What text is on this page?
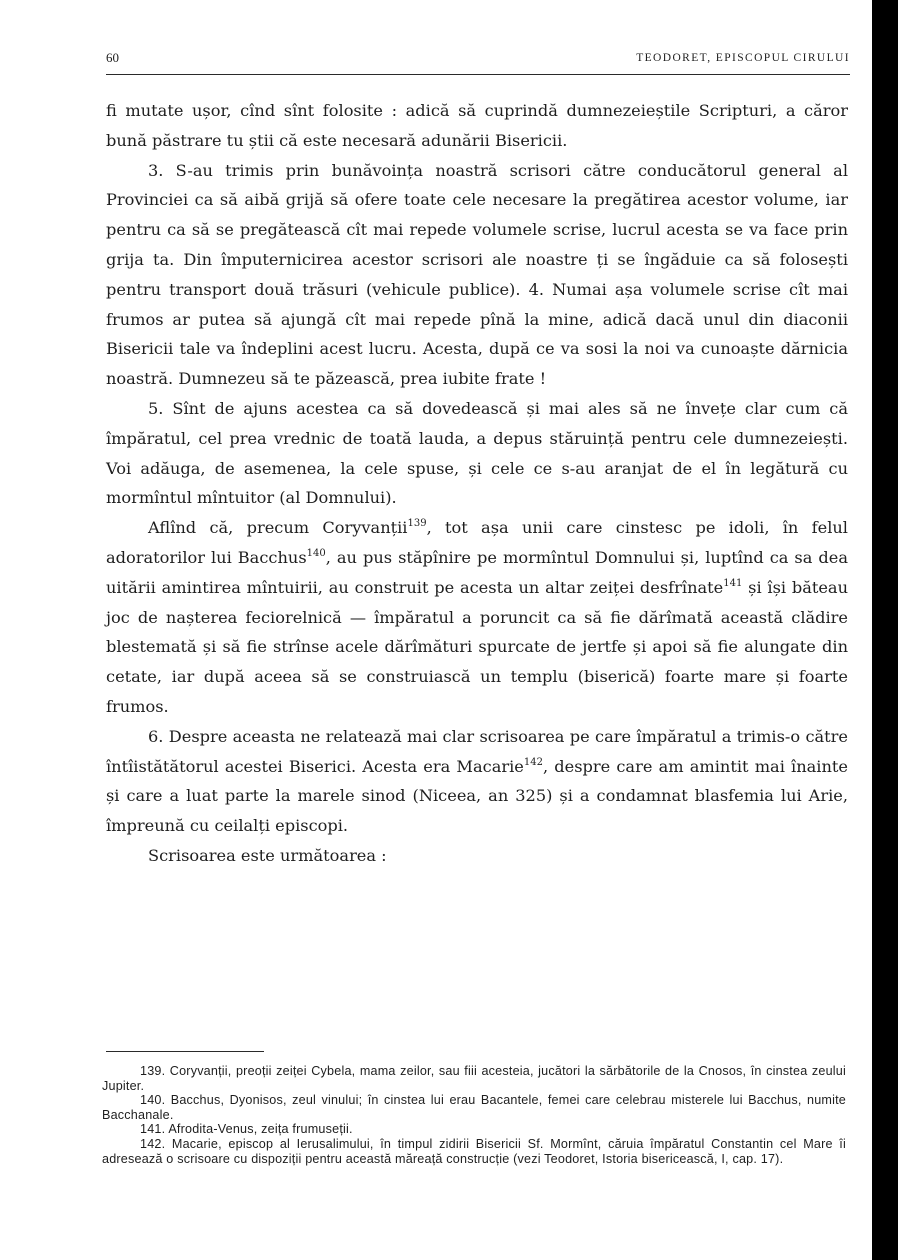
60	TEODORET, EPISCOPUL CIRULUI

fi mutate ușor, cînd sînt folosite : adică să cuprindă dumnezeieștile Scripturi, a căror bună păstrare tu știi că este necesară adunării Bisericii.

3. S-au trimis prin bunăvoința noastră scrisori către conducătorul general al Provinciei ca să aibă grijă să ofere toate cele necesare la pregătirea acestor volume, iar pentru ca să se pregătească cît mai repede volumele scrise, lucrul acesta se va face prin grija ta. Din împuternicirea acestor scrisori ale noastre ți se îngăduie ca să folosești pentru transport două trăsuri (vehicule publice). 4. Numai așa volumele scrise cît mai frumos ar putea să ajungă cît mai repede pînă la mine, adică dacă unul din diaconii Bisericii tale va îndeplini acest lucru. Acesta, după ce va sosi la noi va cunoaște dărnicia noastră. Dumnezeu să te păzească, prea iubite frate !

5. Sînt de ajuns acestea ca să dovedească și mai ales să ne învețe clar cum că împăratul, cel prea vrednic de toată lauda, a depus stăruință pentru cele dumnezeiești. Voi adăuga, de asemenea, la cele spuse, și cele ce s-au aranjat de el în legătură cu mormîntul mîntuitor (al Domnului).

Aflînd că, precum Coryvanții$^{139}$, tot așa unii care cinstesc pe idoli, în felul adoratorilor lui Bacchus$^{140}$, au pus stăpînire pe mormîntul Domnului și, luptînd ca sa dea uitării amintirea mîntuirii, au construit pe acesta un altar zeiței desfrînate$^{141}$ și își băteau joc de nașterea feciorelnică — împăratul a poruncit ca să fie dărîmată această clădire blestemată și să fie strînse acele dărîmături spurcate de jertfe și apoi să fie alungate din cetate, iar după aceea să se construiască un templu (biserică) foarte mare și foarte frumos.

6. Despre aceasta ne relatează mai clar scrisoarea pe care împăratul a trimis-o către întîistătătorul acestei Biserici. Acesta era Macarie$^{142}$, despre care am amintit mai înainte și care a luat parte la marele sinod (Niceea, an 325) și a condamnat blasfemia lui Arie, împreună cu ceilalți episcopi.

Scrisoarea este următoarea :

139. Coryvanții, preoții zeiței Cybela, mama zeilor, sau fiii acesteia, jucători la sărbătorile de la Cnosos, în cinstea zeului Jupiter.

140. Bacchus, Dyonisos, zeul vinului; în cinstea lui erau Bacantele, femei care celebrau misterele lui Bacchus, numite Bacchanale.

141. Afrodita-Venus, zeița frumuseții.

142. Macarie, episcop al Ierusalimului, în timpul zidirii Bisericii Sf. Mormînt, căruia împăratul Constantin cel Mare îi adresează o scrisoare cu dispoziții pentru această măreață construcție (vezi Teodoret, Istoria bisericească, I, cap. 17).
